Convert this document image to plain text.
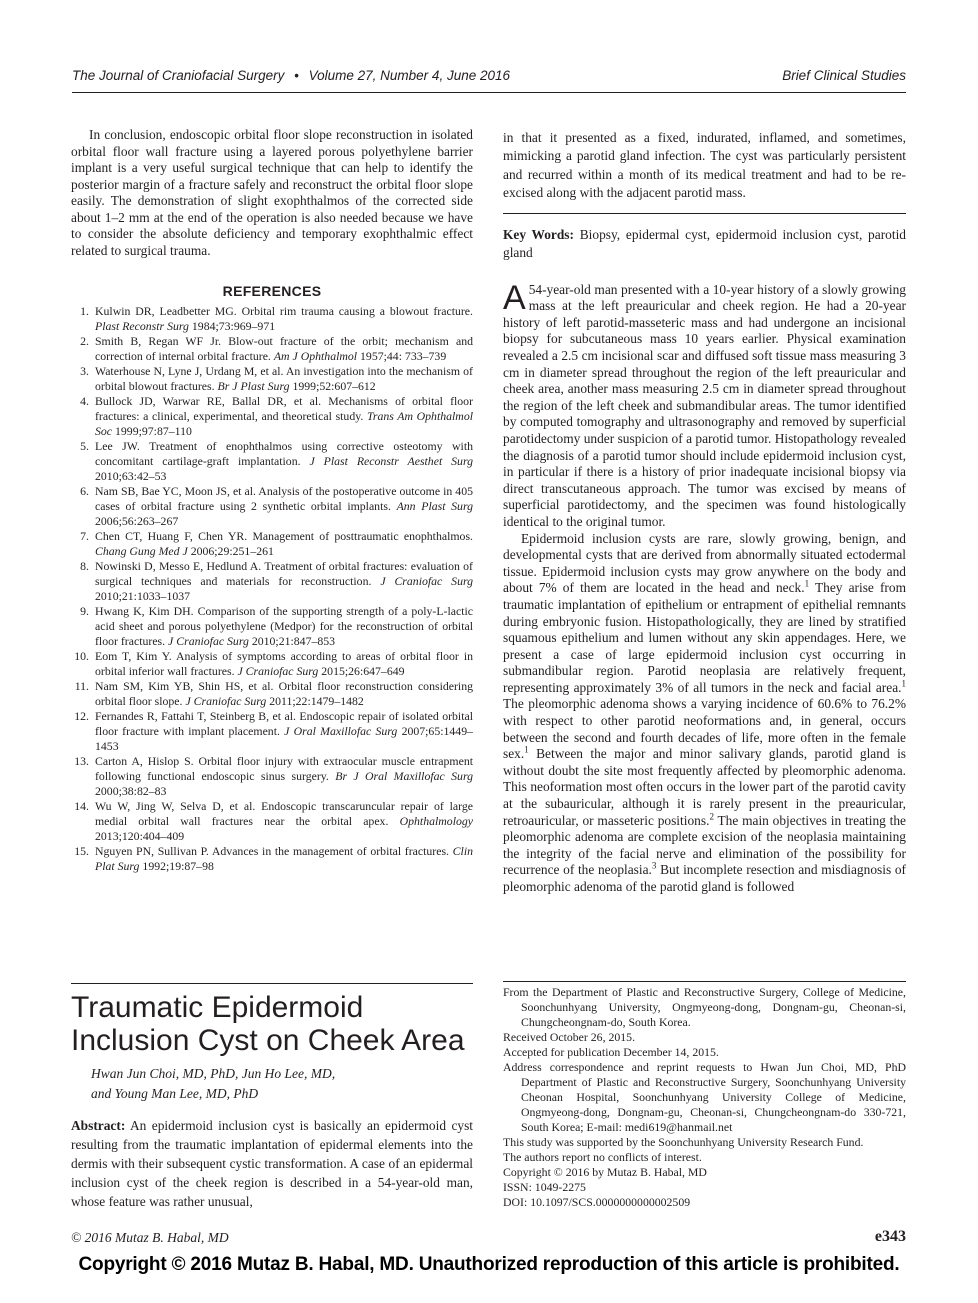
The Journal of Craniofacial Surgery • Volume 27, Number 4, June 2016	Brief Clinical Studies

In conclusion, endoscopic orbital floor slope reconstruction in isolated orbital floor wall fracture using a layered porous polyethylene barrier implant is a very useful surgical technique that can help to identify the posterior margin of a fracture safely and reconstruct the orbital floor slope easily. The demonstration of slight exophthalmos of the corrected side about 1–2 mm at the end of the operation is also needed because we have to consider the absolute deficiency and temporary exophthalmic effect related to surgical trauma.

REFERENCES
1. Kulwin DR, Leadbetter MG. Orbital rim trauma causing a blowout fracture. Plast Reconstr Surg 1984;73:969–971
2. Smith B, Regan WF Jr. Blow-out fracture of the orbit; mechanism and correction of internal orbital fracture. Am J Ophthalmol 1957;44: 733–739
3. Waterhouse N, Lyne J, Urdang M, et al. An investigation into the mechanism of orbital blowout fractures. Br J Plast Surg 1999;52:607–612
4. Bullock JD, Warwar RE, Ballal DR, et al. Mechanisms of orbital floor fractures: a clinical, experimental, and theoretical study. Trans Am Ophthalmol Soc 1999;97:87–110
5. Lee JW. Treatment of enophthalmos using corrective osteotomy with concomitant cartilage-graft implantation. J Plast Reconstr Aesthet Surg 2010;63:42–53
6. Nam SB, Bae YC, Moon JS, et al. Analysis of the postoperative outcome in 405 cases of orbital fracture using 2 synthetic orbital implants. Ann Plast Surg 2006;56:263–267
7. Chen CT, Huang F, Chen YR. Management of posttraumatic enophthalmos. Chang Gung Med J 2006;29:251–261
8. Nowinski D, Messo E, Hedlund A. Treatment of orbital fractures: evaluation of surgical techniques and materials for reconstruction. J Craniofac Surg 2010;21:1033–1037
9. Hwang K, Kim DH. Comparison of the supporting strength of a poly-L-lactic acid sheet and porous polyethylene (Medpor) for the reconstruction of orbital floor fractures. J Craniofac Surg 2010;21:847–853
10. Eom T, Kim Y. Analysis of symptoms according to areas of orbital floor in orbital inferior wall fractures. J Craniofac Surg 2015;26:647–649
11. Nam SM, Kim YB, Shin HS, et al. Orbital floor reconstruction considering orbital floor slope. J Craniofac Surg 2011;22:1479–1482
12. Fernandes R, Fattahi T, Steinberg B, et al. Endoscopic repair of isolated orbital floor fracture with implant placement. J Oral Maxillofac Surg 2007;65:1449–1453
13. Carton A, Hislop S. Orbital floor injury with extraocular muscle entrapment following functional endoscopic sinus surgery. Br J Oral Maxillofac Surg 2000;38:82–83
14. Wu W, Jing W, Selva D, et al. Endoscopic transcaruncular repair of large medial orbital wall fractures near the orbital apex. Ophthalmology 2013;120:404–409
15. Nguyen PN, Sullivan P. Advances in the management of orbital fractures. Clin Plat Surg 1992;19:87–98
Traumatic Epidermoid Inclusion Cyst on Cheek Area
Hwan Jun Choi, MD, PhD, Jun Ho Lee, MD,
and Young Man Lee, MD, PhD
Abstract: An epidermoid inclusion cyst is basically an epidermoid cyst resulting from the traumatic implantation of epidermal elements into the dermis with their subsequent cystic transformation. A case of an epidermal inclusion cyst of the cheek region is described in a 54-year-old man, whose feature was rather unusual,
in that it presented as a fixed, indurated, inflamed, and sometimes, mimicking a parotid gland infection. The cyst was particularly persistent and recurred within a month of its medical treatment and had to be re-excised along with the adjacent parotid mass.
Key Words: Biopsy, epidermal cyst, epidermoid inclusion cyst, parotid gland
A 54-year-old man presented with a 10-year history of a slowly growing mass at the left preauricular and cheek region. He had a 20-year history of left parotid-masseteric mass and had undergone an incisional biopsy for subcutaneous mass 10 years earlier. Physical examination revealed a 2.5 cm incisional scar and diffused soft tissue mass measuring 3 cm in diameter spread throughout the region of the left preauricular and cheek area, another mass measuring 2.5 cm in diameter spread throughout the region of the left cheek and submandibular areas. The tumor identified by computed tomography and ultrasonography and removed by superficial parotidectomy under suspicion of a parotid tumor. Histopathology revealed the diagnosis of a parotid tumor should include epidermoid inclusion cyst, in particular if there is a history of prior inadequate incisional biopsy via direct transcutaneous approach. The tumor was excised by means of superficial parotidectomy, and the specimen was found histologically identical to the original tumor.

Epidermoid inclusion cysts are rare, slowly growing, benign, and developmental cysts that are derived from abnormally situated ectodermal tissue. Epidermoid inclusion cysts may grow anywhere on the body and about 7% of them are located in the head and neck.$^1$ They arise from traumatic implantation of epithelium or entrapment of epithelial remnants during embryonic fusion. Histopathologically, they are lined by stratified squamous epithelium and lumen without any skin appendages. Here, we present a case of large epidermoid inclusion cyst occurring in submandibular region. Parotid neoplasia are relatively frequent, representing approximately 3% of all tumors in the neck and facial area.$^1$ The pleomorphic adenoma shows a varying incidence of 60.6% to 76.2% with respect to other parotid neoformations and, in general, occurs between the second and fourth decades of life, more often in the female sex.$^1$ Between the major and minor salivary glands, parotid gland is without doubt the site most frequently affected by pleomorphic adenoma. This neoformation most often occurs in the lower part of the parotid cavity at the subauricular, although it is rarely present in the preauricular, retroauricular, or masseteric positions.$^2$ The main objectives in treating the pleomorphic adenoma are complete excision of the neoplasia maintaining the integrity of the facial nerve and elimination of the possibility for recurrence of the neoplasia.$^3$ But incomplete resection and misdiagnosis of pleomorphic adenoma of the parotid gland is followed

From the Department of Plastic and Reconstructive Surgery, College of Medicine, Soonchunhyang University, Ongmyeong-dong, Dongnam-gu, Cheonan-si, Chungcheongnam-do, South Korea.

Received October 26, 2015.

Accepted for publication December 14, 2015.

Address correspondence and reprint requests to Hwan Jun Choi, MD, PhD Department of Plastic and Reconstructive Surgery, Soonchunhyang University Cheonan Hospital, Soonchunhyang University College of Medicine, Ongmyeong-dong, Dongnam-gu, Cheonan-si, Chungcheongnam-do 330-721, South Korea; E-mail: medi619@hanmail.net

This study was supported by the Soonchunhyang University Research Fund.

The authors report no conflicts of interest.

Copyright © 2016 by Mutaz B. Habal, MD

ISSN: 1049-2275

DOI: 10.1097/SCS.0000000000002509

© 2016 Mutaz B. Habal, MD	e343
Copyright © 2016 Mutaz B. Habal, MD. Unauthorized reproduction of this article is prohibited.
